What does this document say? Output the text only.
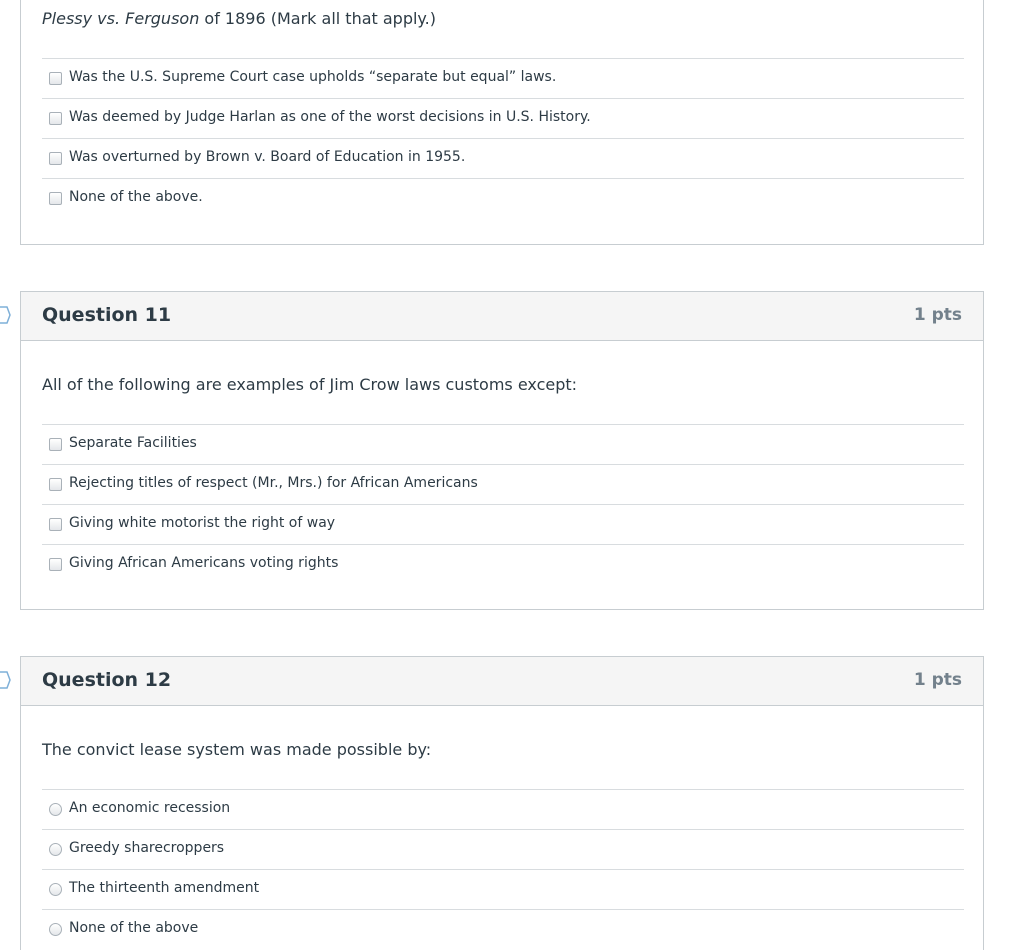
Plessy vs. Ferguson of 1896 (Mark all that apply.)
Was the U.S. Supreme Court case upholds “separate but equal” laws.
Was deemed by Judge Harlan as one of the worst decisions in U.S. History.
Was overturned by Brown v. Board of Education in 1955.
None of the above.
Question 11	1 pts
All of the following are examples of Jim Crow laws customs except:
Separate Facilities
Rejecting titles of respect (Mr., Mrs.) for African Americans
Giving white motorist the right of way
Giving African Americans voting rights
Question 12	1 pts
The convict lease system was made possible by:
An economic recession
Greedy sharecroppers
The thirteenth amendment
None of the above
